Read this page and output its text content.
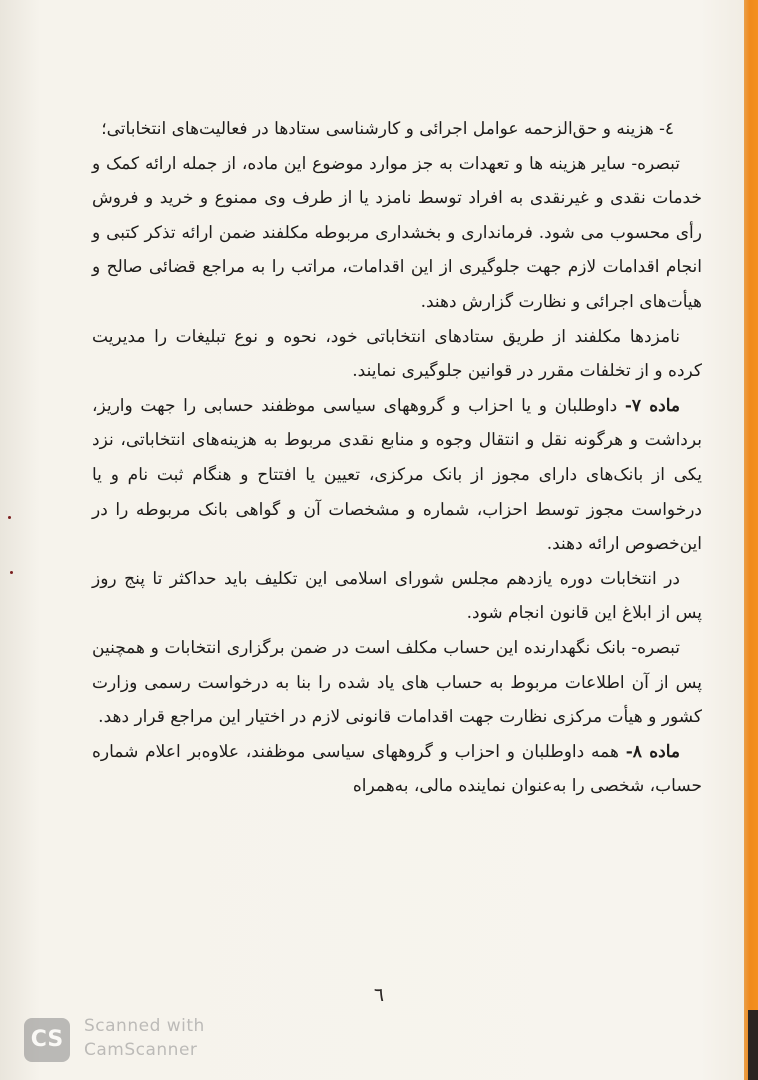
٤- هزینه و حق‌الزحمه عوامل اجرائی و کارشناسی ستادها در فعالیت‌های انتخاباتی؛

تبصره- سایر هزینه ها و تعهدات به جز موارد موضوع این ماده، از جمله ارائه کمک و خدمات نقدی و غیرنقدی به افراد توسط نامزد یا از طرف وی ممنوع و خرید و فروش رأی محسوب می شود. فرمانداری و بخشداری مربوطه مکلفند ضمن ارائه تذکر کتبی و انجام اقدامات لازم جهت جلوگیری از این اقدامات، مراتب را به مراجع قضائی صالح و هیأت‌های اجرائی و نظارت گزارش دهند.

نامزدها مکلفند از طریق ستادهای انتخاباتی خود، نحوه و نوع تبلیغات را مدیریت کرده و از تخلفات مقرر در قوانین جلوگیری نمایند.

ماده ۷- داوطلبان و یا احزاب و گروههای سیاسی موظفند حسابی را جهت واریز، برداشت و هرگونه نقل و انتقال وجوه و منابع نقدی مربوط به هزینه‌های انتخاباتی، نزد یکی از بانک‌های دارای مجوز از بانک مرکزی، تعیین یا افتتاح و هنگام ثبت نام و یا درخواست مجوز توسط احزاب، شماره و مشخصات آن و گواهی بانک مربوطه را در این‌خصوص ارائه دهند.

در انتخابات دوره یازدهم مجلس شورای اسلامی این تکلیف باید حداکثر تا پنج روز پس از ابلاغ این قانون انجام شود.

تبصره- بانک نگهدارنده این حساب مکلف است در ضمن برگزاری انتخابات و همچنین پس از آن اطلاعات مربوط به حساب های یاد شده را بنا به درخواست رسمی وزارت کشور و هیأت مرکزی نظارت جهت اقدامات قانونی لازم در اختیار این مراجع قرار دهد.

ماده ۸- همه داوطلبان و احزاب و گروههای سیاسی موظفند، علاوه‌بر اعلام شماره حساب، شخصی را به‌عنوان نماینده مالی، به‌همراه

٦
CS
Scanned with
CamScanner
